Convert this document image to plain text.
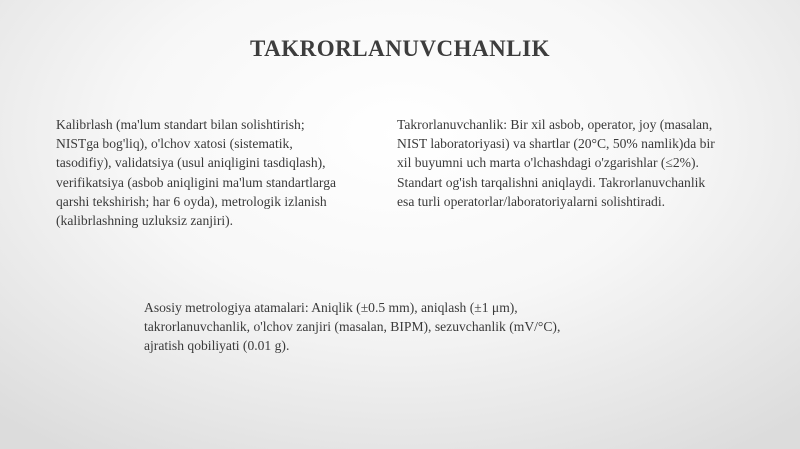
TAKRORLANUVCHANLIK

Kalibrlash (ma'lum standart bilan solishtirish;
NISTga bog'liq), o'lchov xatosi (sistematik,
tasodifiy), validatsiya (usul aniqligini tasdiqlash),
verifikatsiya (asbob aniqligini ma'lum standartlarga
qarshi tekshirish; har 6 oyda), metrologik izlanish
(kalibrlashning uzluksiz zanjiri).

Takrorlanuvchanlik: Bir xil asbob, operator, joy (masalan,
NIST laboratoriyasi) va shartlar (20°C, 50% namlik)da bir
xil buyumni uch marta o'lchashdagi o'zgarishlar (≤2%).
Standart og'ish tarqalishni aniqlaydi. Takrorlanuvchanlik
esa turli operatorlar/laboratoriyalarni solishtiradi.

Asosiy metrologiya atamalari: Aniqlik (±0.5 mm), aniqlash (±1 μm),
takrorlanuvchanlik, o'lchov zanjiri (masalan, BIPM), sezuvchanlik (mV/°C),
ajratish qobiliyati (0.01 g).
